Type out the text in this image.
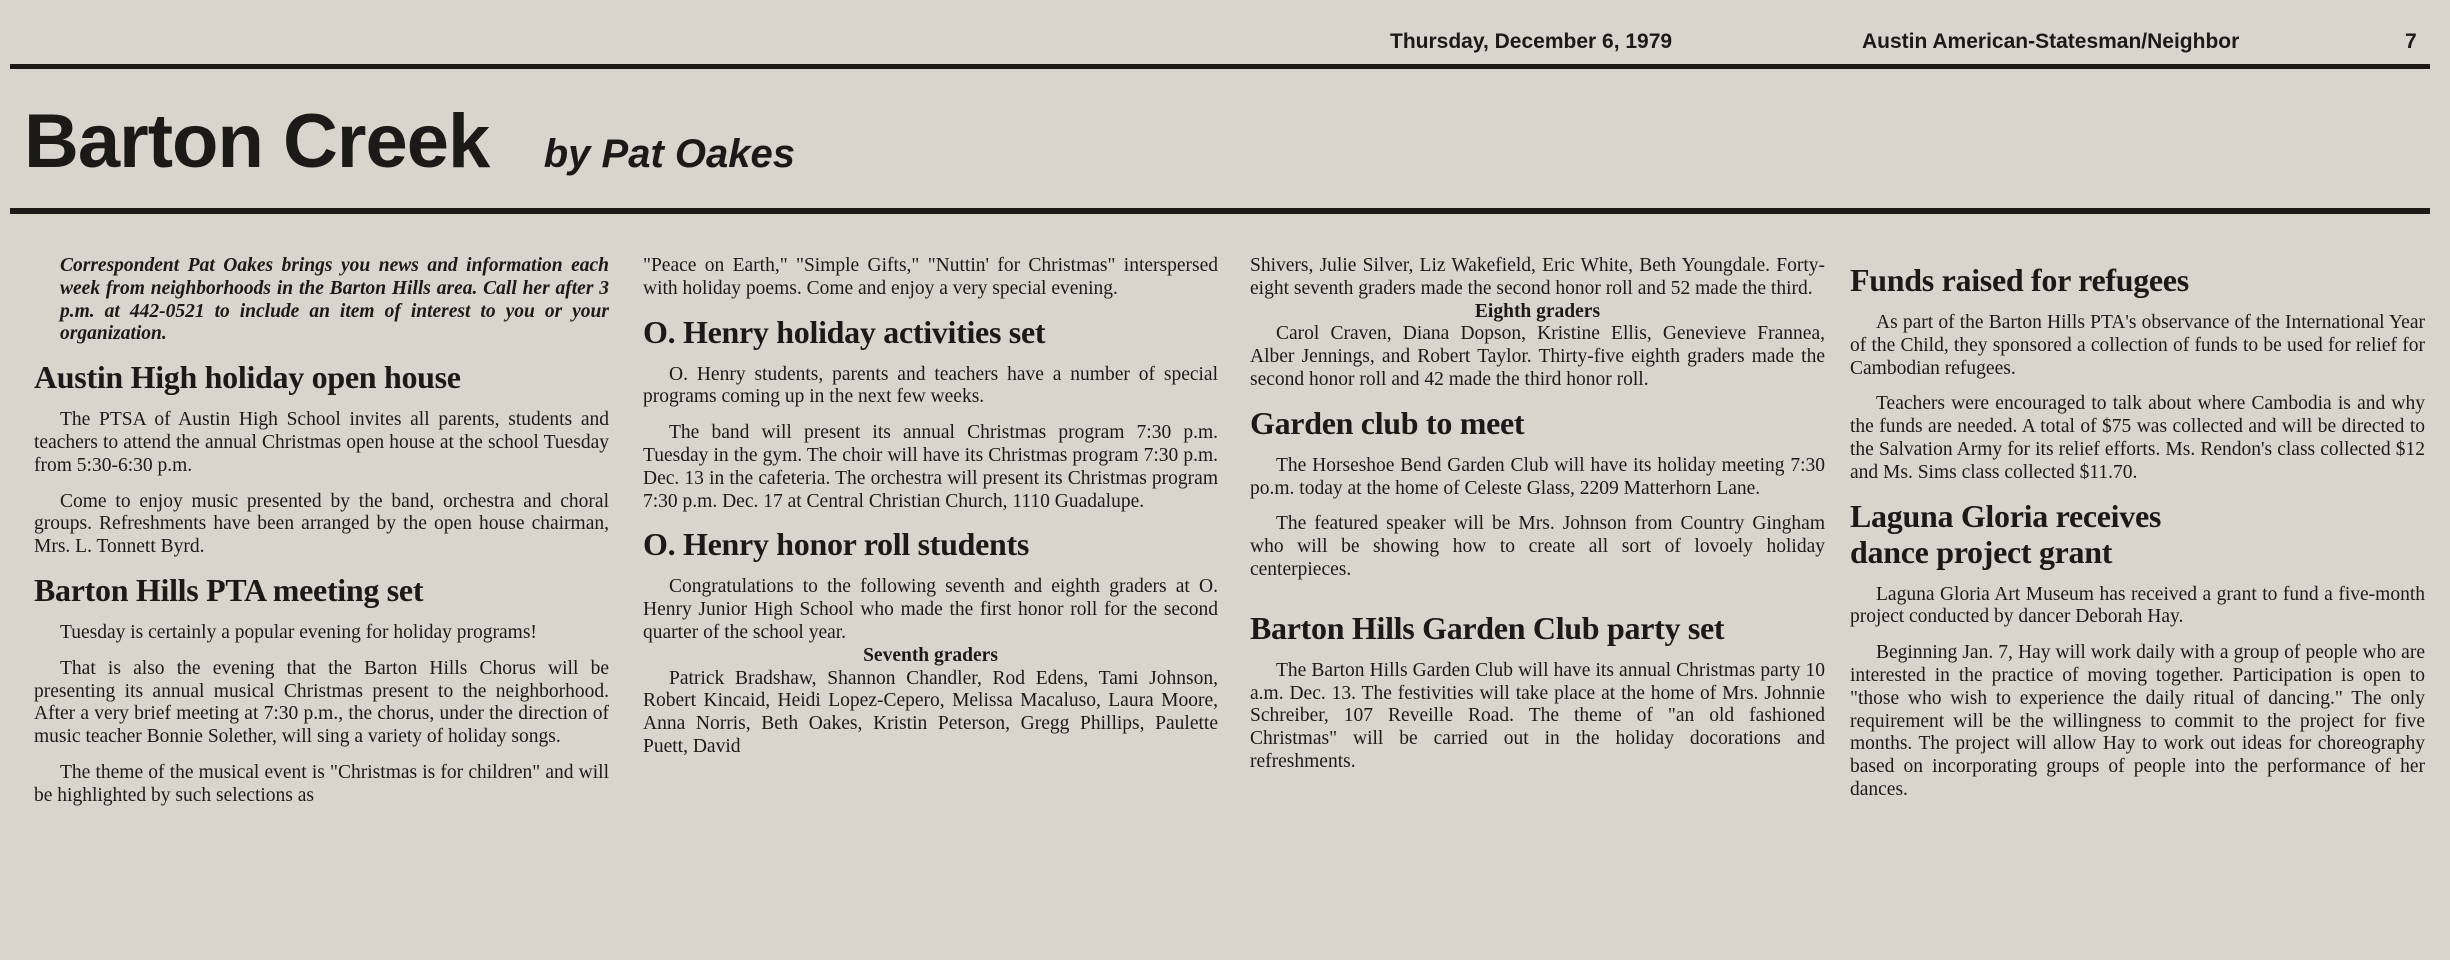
Thursday, December 6, 1979	Austin American-Statesman/Neighbor	7
Barton Creek by Pat Oakes

Correspondent Pat Oakes brings you news and information each week from neighborhoods in the Barton Hills area. Call her after 3 p.m. at 442-0521 to include an item of interest to you or your organization.

Austin High holiday open house

The PTSA of Austin High School invites all parents, students and teachers to attend the annual Christmas open house at the school Tuesday from 5:30-6:30 p.m.

Come to enjoy music presented by the band, orchestra and choral groups. Refreshments have been arranged by the open house chairman, Mrs. L. Tonnett Byrd.

Barton Hills PTA meeting set

Tuesday is certainly a popular evening for holiday programs!

That is also the evening that the Barton Hills Chorus will be presenting its annual musical Christmas present to the neighborhood. After a very brief meeting at 7:30 p.m., the chorus, under the direction of music teacher Bonnie Solether, will sing a variety of holiday songs.

The theme of the musical event is "Christmas is for children" and will be highlighted by such selections as

"Peace on Earth," "Simple Gifts," "Nuttin' for Christmas" interspersed with holiday poems. Come and enjoy a very special evening.

O. Henry holiday activities set

O. Henry students, parents and teachers have a number of special programs coming up in the next few weeks.

The band will present its annual Christmas program 7:30 p.m. Tuesday in the gym. The choir will have its Christmas program 7:30 p.m. Dec. 13 in the cafeteria. The orchestra will present its Christmas program 7:30 p.m. Dec. 17 at Central Christian Church, 1110 Guadalupe.

O. Henry honor roll students

Congratulations to the following seventh and eighth graders at O. Henry Junior High School who made the first honor roll for the second quarter of the school year.

Seventh graders

Patrick Bradshaw, Shannon Chandler, Rod Edens, Tami Johnson, Robert Kincaid, Heidi Lopez-Cepero, Melissa Macaluso, Laura Moore, Anna Norris, Beth Oakes, Kristin Peterson, Gregg Phillips, Paulette Puett, David

Shivers, Julie Silver, Liz Wakefield, Eric White, Beth Youngdale. Forty-eight seventh graders made the second honor roll and 52 made the third.

Eighth graders

Carol Craven, Diana Dopson, Kristine Ellis, Genevieve Frannea, Alber Jennings, and Robert Taylor. Thirty-five eighth graders made the second honor roll and 42 made the third honor roll.

Garden club to meet

The Horseshoe Bend Garden Club will have its holiday meeting 7:30 po.m. today at the home of Celeste Glass, 2209 Matterhorn Lane.

The featured speaker will be Mrs. Johnson from Country Gingham who will be showing how to create all sort of lovoely holiday centerpieces.

Barton Hills Garden Club party set

The Barton Hills Garden Club will have its annual Christmas party 10 a.m. Dec. 13. The festivities will take place at the home of Mrs. Johnnie Schreiber, 107 Reveille Road. The theme of "an old fashioned Christmas" will be carried out in the holiday docorations and refreshments.

Funds raised for refugees

As part of the Barton Hills PTA's observance of the International Year of the Child, they sponsored a collection of funds to be used for relief for Cambodian refugees.

Teachers were encouraged to talk about where Cambodia is and why the funds are needed. A total of $75 was collected and will be directed to the Salvation Army for its relief efforts. Ms. Rendon's class collected $12 and Ms. Sims class collected $11.70.

Laguna Gloria receives
dance project grant

Laguna Gloria Art Museum has received a grant to fund a five-month project conducted by dancer Deborah Hay.

Beginning Jan. 7, Hay will work daily with a group of people who are interested in the practice of moving together. Participation is open to "those who wish to experience the daily ritual of dancing." The only requirement will be the willingness to commit to the project for five months. The project will allow Hay to work out ideas for choreography based on incorporating groups of people into the performance of her dances.
